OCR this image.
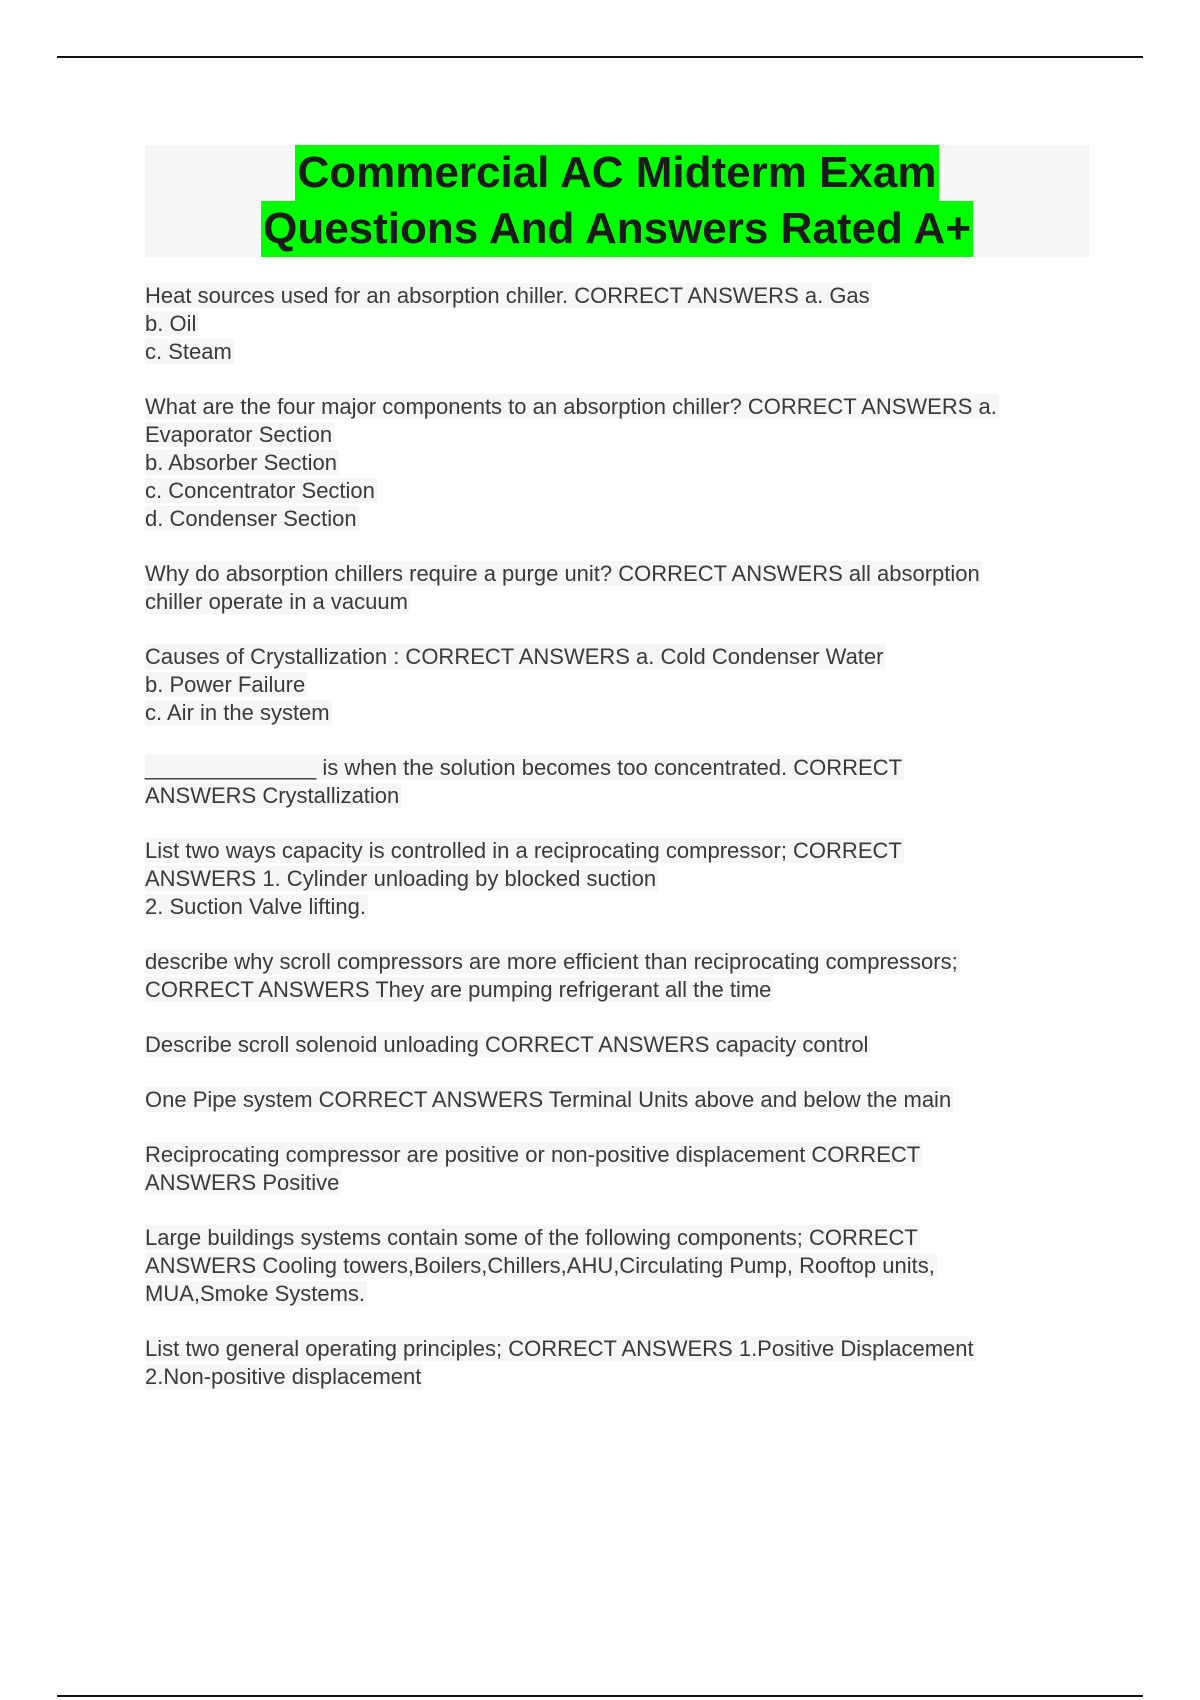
Commercial AC Midterm Exam
Questions And Answers Rated A+
Heat sources used for an absorption chiller. CORRECT ANSWERS a. Gas
b. Oil
c. Steam
What are the four major components to an absorption chiller? CORRECT ANSWERS a.
Evaporator Section
b. Absorber Section
c. Concentrator Section
d. Condenser Section
Why do absorption chillers require a purge unit? CORRECT ANSWERS all absorption
chiller operate in a vacuum
Causes of Crystallization : CORRECT ANSWERS a. Cold Condenser Water
b. Power Failure
c. Air in the system
______________ is when the solution becomes too concentrated. CORRECT
ANSWERS Crystallization
List two ways capacity is controlled in a reciprocating compressor; CORRECT
ANSWERS 1. Cylinder unloading by blocked suction
2. Suction Valve lifting.
describe why scroll compressors are more efficient than reciprocating compressors;
CORRECT ANSWERS They are pumping refrigerant all the time
Describe scroll solenoid unloading CORRECT ANSWERS capacity control
One Pipe system CORRECT ANSWERS Terminal Units above and below the main
Reciprocating compressor are positive or non-positive displacement CORRECT
ANSWERS Positive
Large buildings systems contain some of the following components; CORRECT
ANSWERS Cooling towers,Boilers,Chillers,AHU,Circulating Pump, Rooftop units,
MUA,Smoke Systems.
List two general operating principles; CORRECT ANSWERS 1.Positive Displacement
2.Non-positive displacement
